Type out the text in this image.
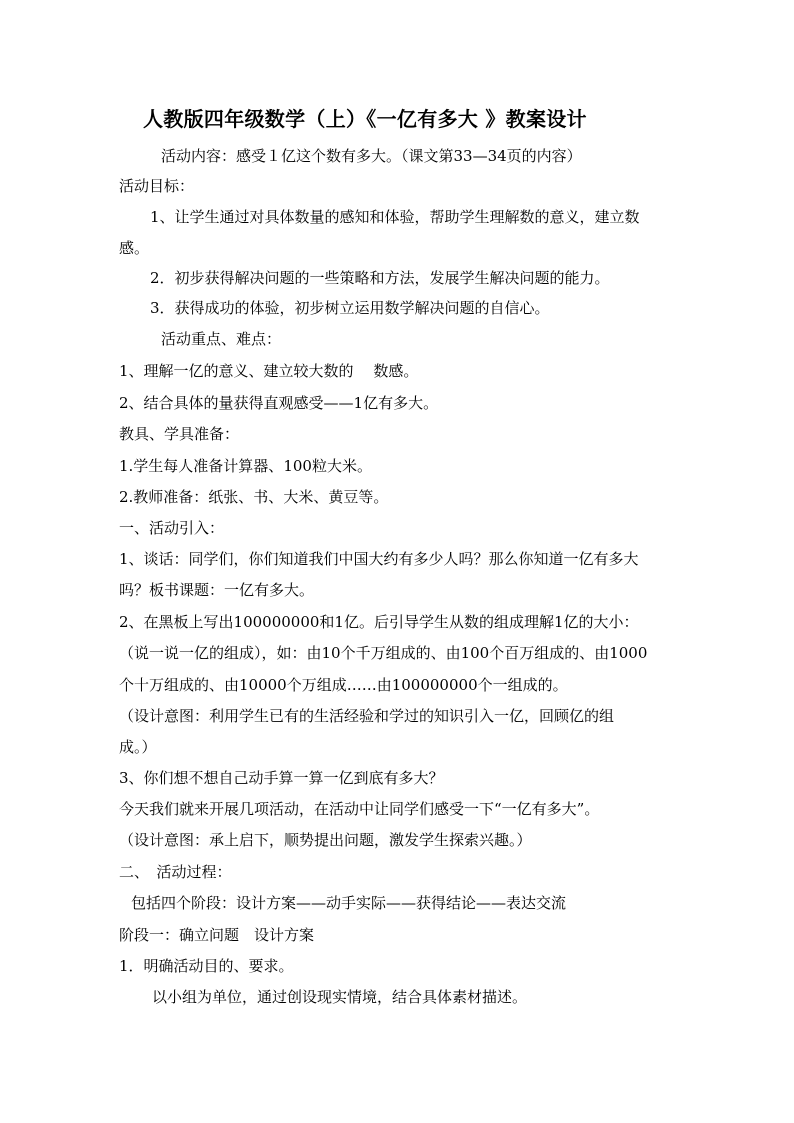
人教版四年级数学（上）《一亿有多大 》教案设计
活动内容：感受１亿这个数有多大。（课文第33—34页的内容）
活动目标：
1、让学生通过对具体数量的感知和体验，帮助学生理解数的意义，建立数
感。
2．初步获得解决问题的一些策略和方法，发展学生解决问题的能力。
3．获得成功的体验，初步树立运用数学解决问题的自信心。
活动重点、难点：
1、理解一亿的意义、建立较大数的　 数感。
2、结合具体的量获得直观感受——1亿有多大。
教具、学具准备：
1.学生每人准备计算器、100粒大米。
2.教师准备：纸张、书、大米、黄豆等。
一、活动引入：
1、谈话：同学们，你们知道我们中国大约有多少人吗？那么你知道一亿有多大
吗？板书课题：一亿有多大。
2、在黑板上写出100000000和1亿。后引导学生从数的组成理解1亿的大小：
（说一说一亿的组成），如：由10个千万组成的、由100个百万组成的、由1000
个十万组成的、由10000个万组成……由100000000个一组成的。
（设计意图：利用学生已有的生活经验和学过的知识引入一亿，回顾亿的组
成。）
3、你们想不想自己动手算一算一亿到底有多大？
今天我们就来开展几项活动，在活动中让同学们感受一下“一亿有多大”。
（设计意图：承上启下，顺势提出问题，激发学生探索兴趣。）
二、　活动过程：
包括四个阶段：设计方案——动手实际——获得结论——表达交流
阶段一：确立问题　设计方案
1．明确活动目的、要求。
以小组为单位，通过创设现实情境，结合具体素材描述。
